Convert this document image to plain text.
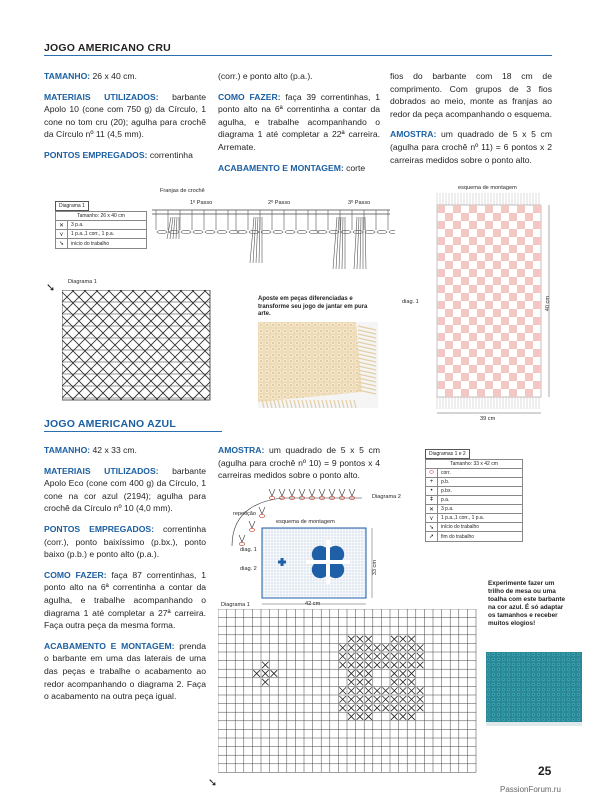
JOGO AMERICANO CRU

TAMANHO: 26 x 40 cm.

MATERIAIS UTILIZADOS: barbante Apolo 10 (cone com 750 g) da Círculo, 1 cone no tom cru (20); agulha para crochê da Círculo nº 11 (4,5 mm).

PONTOS EMPREGADOS: correntinha

(corr.) e ponto alto (p.a.).

COMO FAZER: faça 39 correntinhas, 1 ponto alto na 6ª correntinha a contar da agulha, e trabalhe acompanhando o diagrama 1 até completar a 22ª carreira. Arremate.

ACABAMENTO E MONTAGEM: corte

fios do barbante com 18 cm de comprimento. Com grupos de 3 fios dobrados ao meio, monte as franjas ao redor da peça acompanhando o esquema.

AMOSTRA: um quadrado de 5 x 5 cm (agulha para crochê nº 11) = 6 pontos x 2 carreiras medidos sobre o ponto alto.

Franjas de crochê
1º Passo	2º Passo	3º Passo
Diagrama 1
Tamanho: 26 x 40 cm
✕	3 p.a.
⋎	1 p.a.,1 corr., 1 p.a.
➘	início do trabalho
Diagrama 1
➘
Aposte em peças diferenciadas e transforme seu jogo de jantar em pura arte.
esquema de montagem
diag. 1	40 cm
39 cm
JOGO AMERICANO AZUL

TAMANHO: 42 x 33 cm.

MATERIAIS UTILIZADOS: barbante Apolo Eco (cone com 400 g) da Círculo, 1 cone na cor azul (2194); agulha para crochê da Círculo nº 10 (4,0 mm).

PONTOS EMPREGADOS: correntinha (corr.), ponto baixíssimo (p.bx.), ponto baixo (p.b.) e ponto alto (p.a.).

COMO FAZER: faça 87 correntinhas, 1 ponto alto na 6ª correntinha a contar da agulha, e trabalhe acompanhando o diagrama 1 até completar a 27ª carreira. Faça outra peça da mesma forma.

ACABAMENTO E MONTAGEM: prenda o barbante em uma das laterais de uma das peças e trabalhe o acabamento ao redor acompanhando o diagrama 2. Faça o acabamento na outra peça igual.

AMOSTRA: um quadrado de 5 x 5 cm (agulha para crochê nº 10) = 9 pontos x 4 carreiras medidos sobre o ponto alto.

Diagrama 2
repetição
esquema de montagem
diag. 1
diag. 2	33 cm
42 cm
Diagramas 1 e 2
Tamanho: 33 x 42 cm
⬭	corr.
+	p.b.
•	p.bx.
ǂ	p.a.
✕	3 p.a.
⋎	1 p.a.,1 corr., 1 p.a.
➘	início do trabalho
➚	fim do trabalho
Experimente fazer um trilho de mesa ou uma toalha com este barbante na cor azul. É só adaptar os tamanhos e receber muitos elogios!
Diagrama 1
➘
25
PassionForum.ru
